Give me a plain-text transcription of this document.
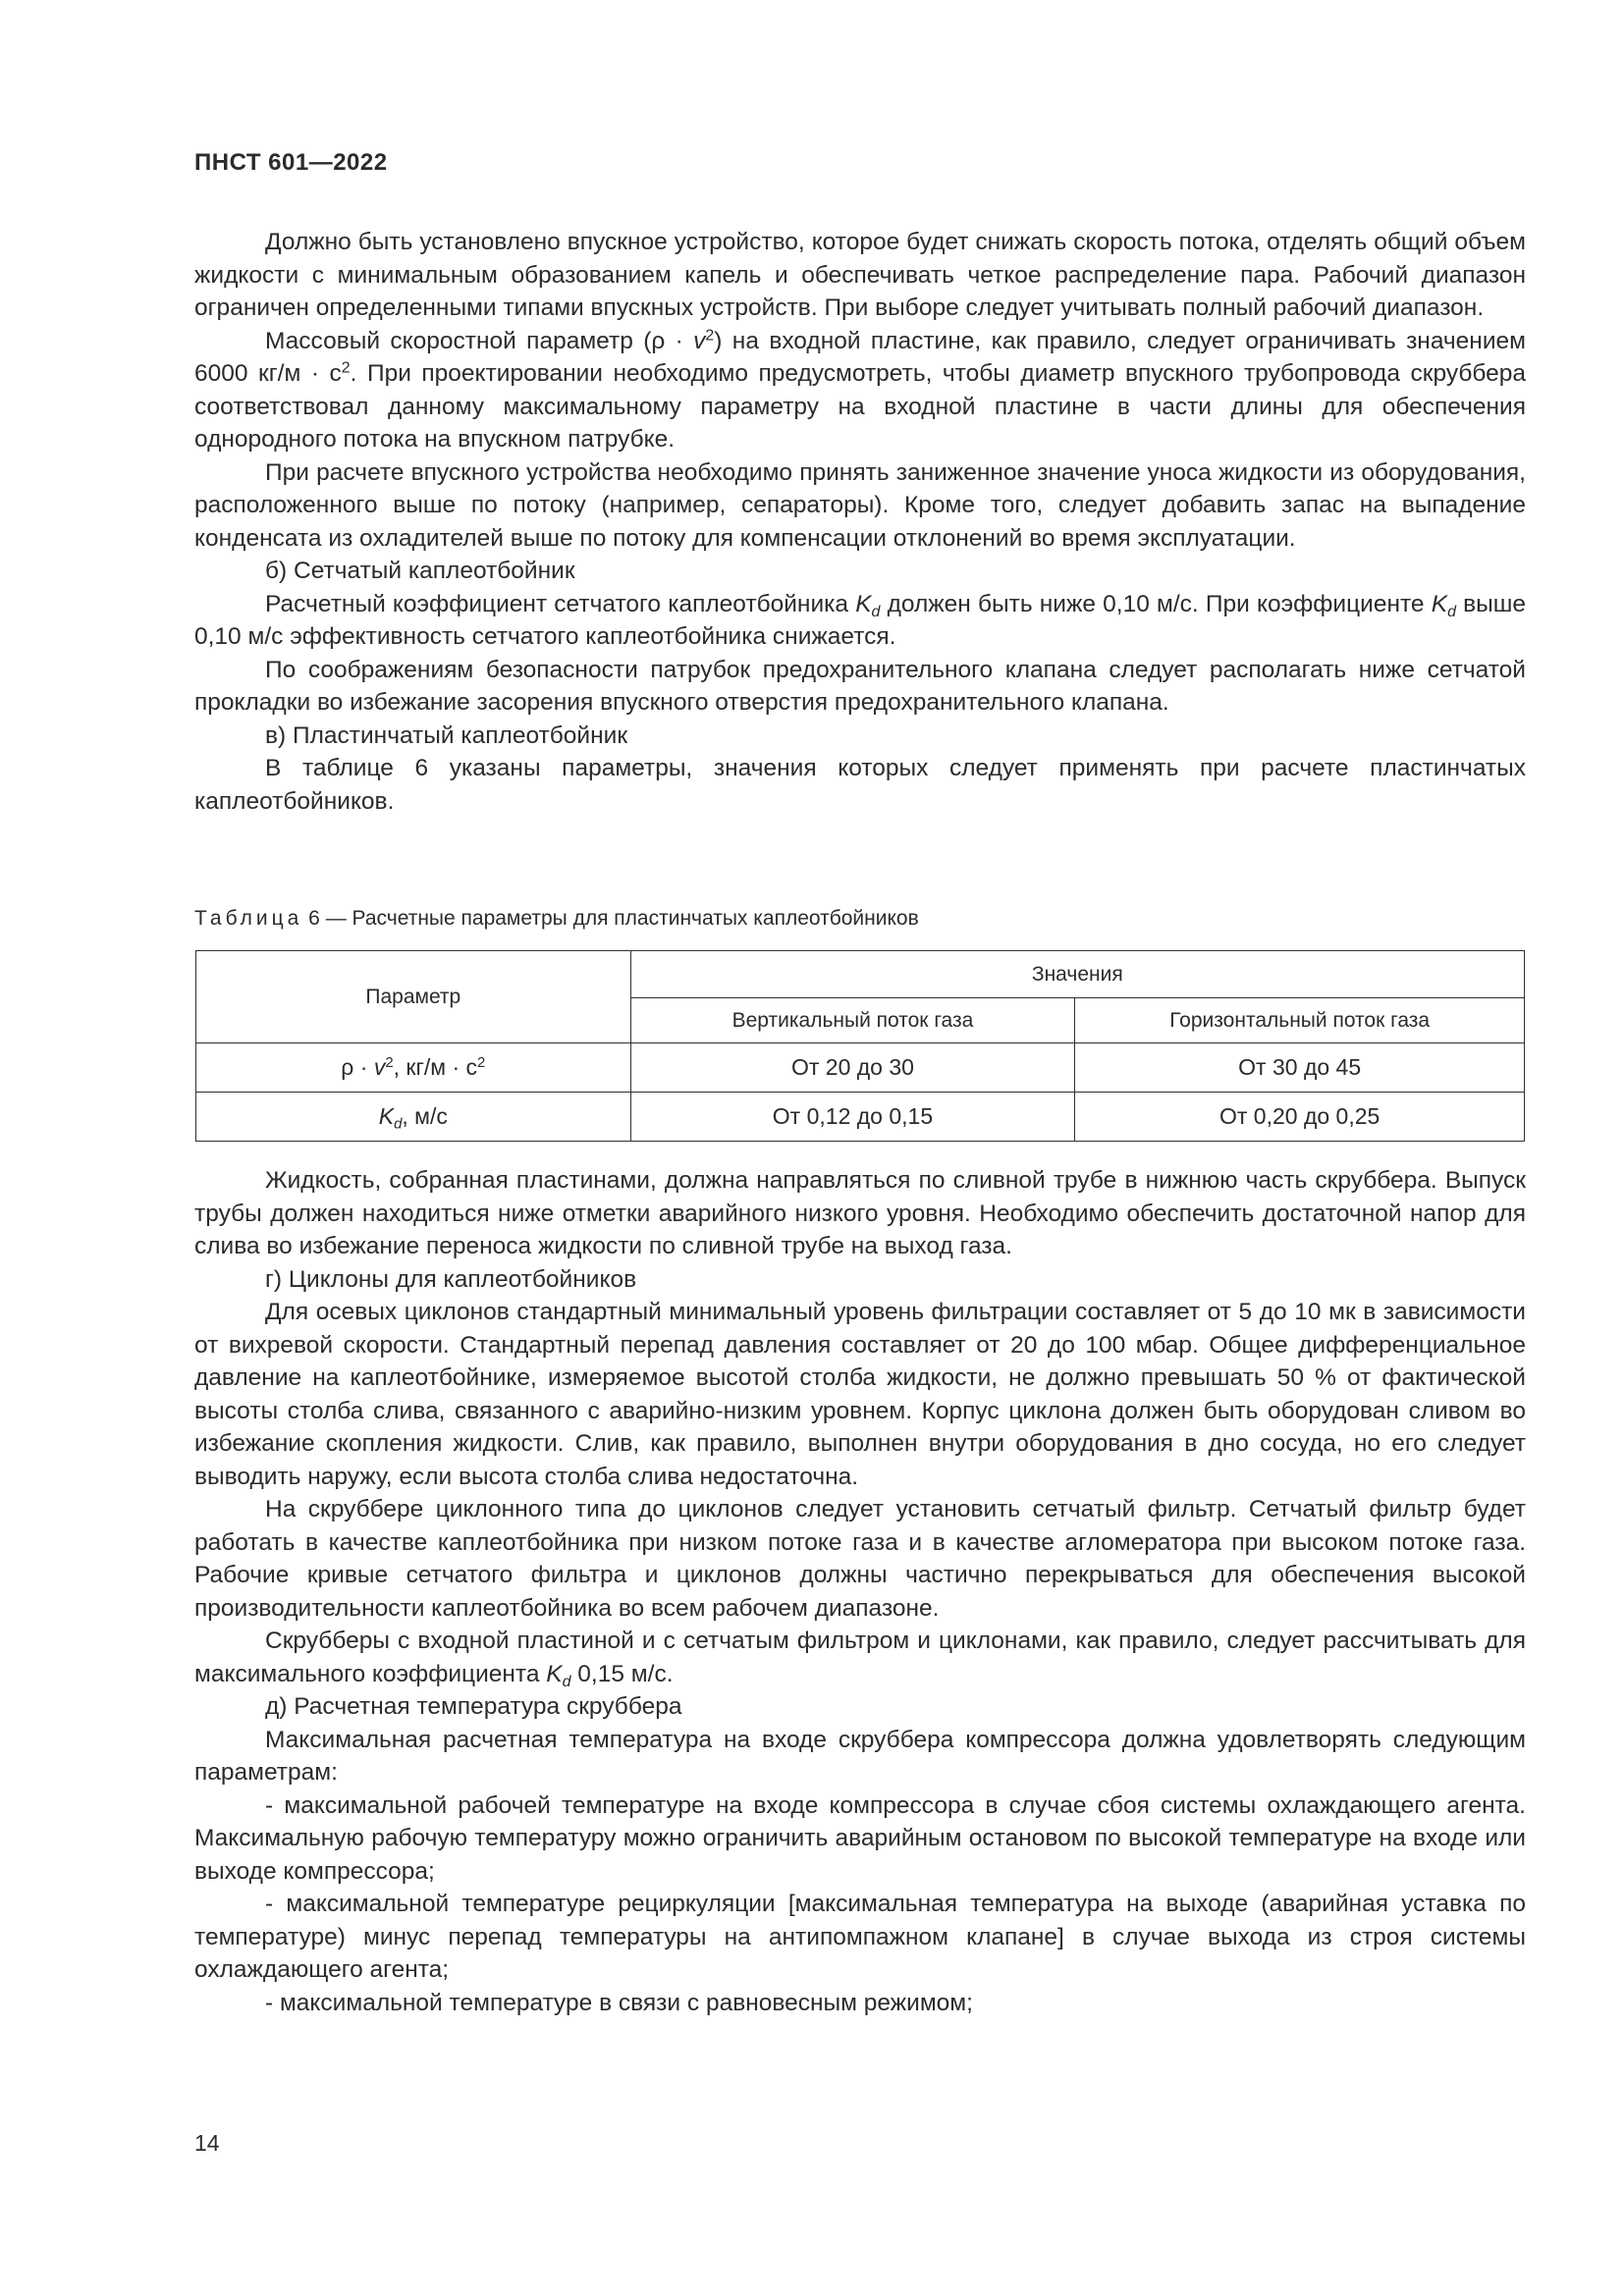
ПНСТ 601—2022

Должно быть установлено впускное устройство, которое будет снижать скорость потока, отделять общий объем жидкости с минимальным образованием капель и обеспечивать четкое распределение пара. Рабочий диапазон ограничен определенными типами впускных устройств. При выборе следует учитывать полный рабочий диапазон.

Массовый скоростной параметр $(\rho \cdot v^2)$ на входной пластине, как правило, следует ограничивать значением 6000 $кг/м \cdot с^2$. При проектировании необходимо предусмотреть, чтобы диаметр впускного трубопровода скруббера соответствовал данному максимальному параметру на входной пластине в части длины для обеспечения однородного потока на впускном патрубке.

При расчете впускного устройства необходимо принять заниженное значение уноса жидкости из оборудования, расположенного выше по потоку (например, сепараторы). Кроме того, следует добавить запас на выпадение конденсата из охладителей выше по потоку для компенсации отклонений во время эксплуатации.

б) Сетчатый каплеотбойник

Расчетный коэффициент сетчатого каплеотбойника $K_d$ должен быть ниже 0,10 м/с. При коэффициенте $K_d$ выше 0,10 м/с эффективность сетчатого каплеотбойника снижается.

По соображениям безопасности патрубок предохранительного клапана следует располагать ниже сетчатой прокладки во избежание засорения впускного отверстия предохранительного клапана.

в) Пластинчатый каплеотбойник

В таблице 6 указаны параметры, значения которых следует применять при расчете пластинчатых каплеотбойников.

Таблица 6 — Расчетные параметры для пластинчатых каплеотбойников
Параметр	Значения	
	Вертикальный поток газа	Горизонтальный поток газа
$\rho \cdot v^2$, $кг/м \cdot с^2$	От 20 до 30	От 30 до 45
$K_d$, м/с	От 0,12 до 0,15	От 0,20 до 0,25

Жидкость, собранная пластинами, должна направляться по сливной трубе в нижнюю часть скруббера. Выпуск трубы должен находиться ниже отметки аварийного низкого уровня. Необходимо обеспечить достаточной напор для слива во избежание переноса жидкости по сливной трубе на выход газа.

г) Циклоны для каплеотбойников

Для осевых циклонов стандартный минимальный уровень фильтрации составляет от 5 до 10 мк в зависимости от вихревой скорости. Стандартный перепад давления составляет от 20 до 100 мбар. Общее дифференциальное давление на каплеотбойнике, измеряемое высотой столба жидкости, не должно превышать 50 % от фактической высоты столба слива, связанного с аварийно-низким уровнем. Корпус циклона должен быть оборудован сливом во избежание скопления жидкости. Слив, как правило, выполнен внутри оборудования в дно сосуда, но его следует выводить наружу, если высота столба слива недостаточна.

На скруббере циклонного типа до циклонов следует установить сетчатый фильтр. Сетчатый фильтр будет работать в качестве каплеотбойника при низком потоке газа и в качестве агломератора при высоком потоке газа. Рабочие кривые сетчатого фильтра и циклонов должны частично перекрываться для обеспечения высокой производительности каплеотбойника во всем рабочем диапазоне.

Скрубберы с входной пластиной и с сетчатым фильтром и циклонами, как правило, следует рассчитывать для максимального коэффициента $K_d$ 0,15 м/с.

д) Расчетная температура скруббера

Максимальная расчетная температура на входе скруббера компрессора должна удовлетворять следующим параметрам:

- максимальной рабочей температуре на входе компрессора в случае сбоя системы охлаждающего агента. Максимальную рабочую температуру можно ограничить аварийным остановом по высокой температуре на входе или выходе компрессора;

- максимальной температуре рециркуляции [максимальная температура на выходе (аварийная уставка по температуре) минус перепад температуры на антипомпажном клапане] в случае выхода из строя системы охлаждающего агента;

- максимальной температуре в связи с равновесным режимом;

14
